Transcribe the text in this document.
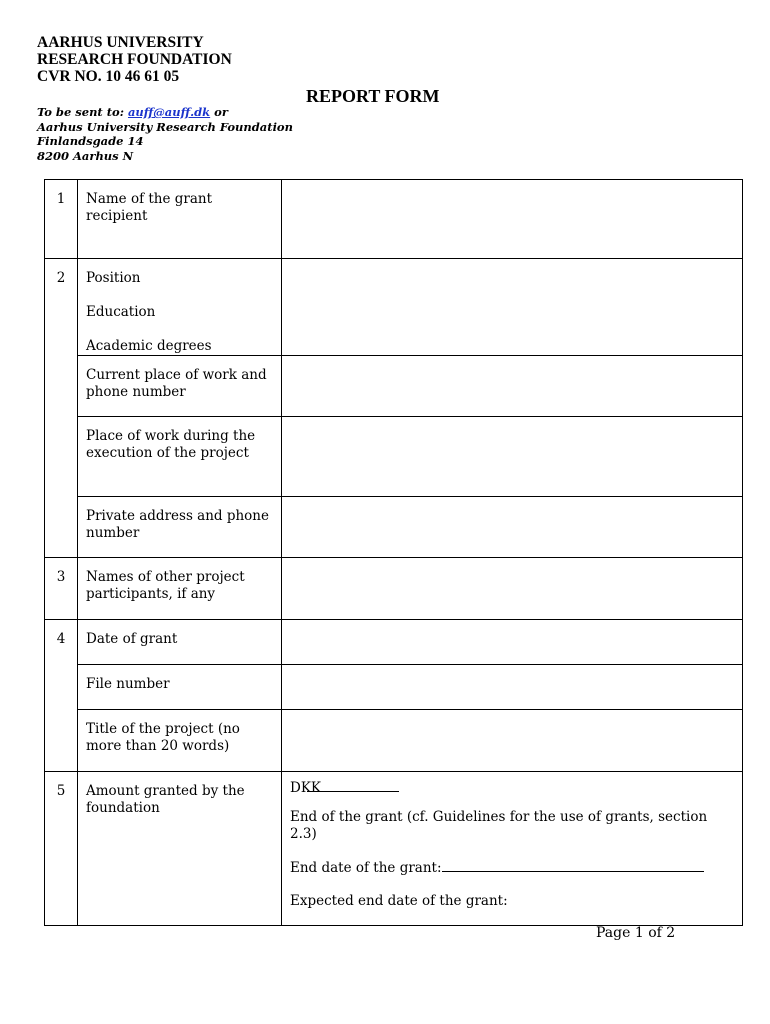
AARHUS UNIVERSITY
RESEARCH FOUNDATION
CVR NO. 10 46 61 05
REPORT FORM
To be sent to: auff@auff.dk or
Aarhus University Research Foundation
Finlandsgade 14
8200 Aarhus N
1	Name of the grant recipient	
2	Position

Education

Academic degrees	

	Current place of work and phone number	
	Place of work during the execution of the project	
	Private address and phone number	
3	Names of other project participants, if any	
4	Date of grant	
	File number	
	Title of the project (no more than 20 words)	
5	Amount granted by the foundation	DKK
End of the grant (cf. Guidelines for the use of grants, section 2.3)
End date of the grant:
Expected end date of the grant:
Page 1 of 2
